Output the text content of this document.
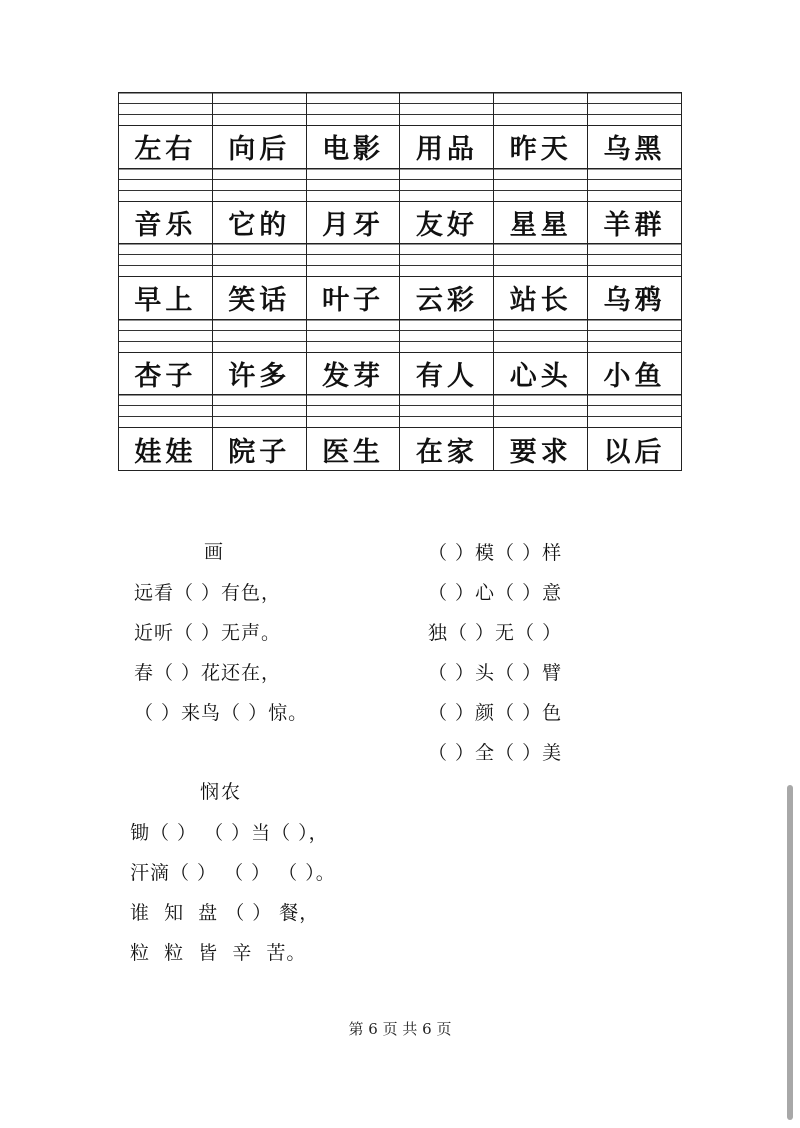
左右	向后	电影	用品	昨天	乌黑
音乐	它的	月牙	友好	星星	羊群
早上	笑话	叶子	云彩	站长	乌鸦
杏子	许多	发芽	有人	心头	小鱼
娃娃	院子	医生	在家	要求	以后
画
远看（ ）有色，
近听（ ）无声。
春（ ）花还在，
（ ）来鸟（ ）惊。
（ ）模（ ）样
（ ）心（ ）意
独（ ）无（ ）
（ ）头（ ）臂
（ ）颜（ ）色
（ ）全（ ）美
悯农
锄（ ） （ ）当（ ），
汗滴（ ） （ ） （ ）。
谁  知  盘 （ ） 餐，
粒  粒  皆  辛  苦。
第 6 页 共 6 页
